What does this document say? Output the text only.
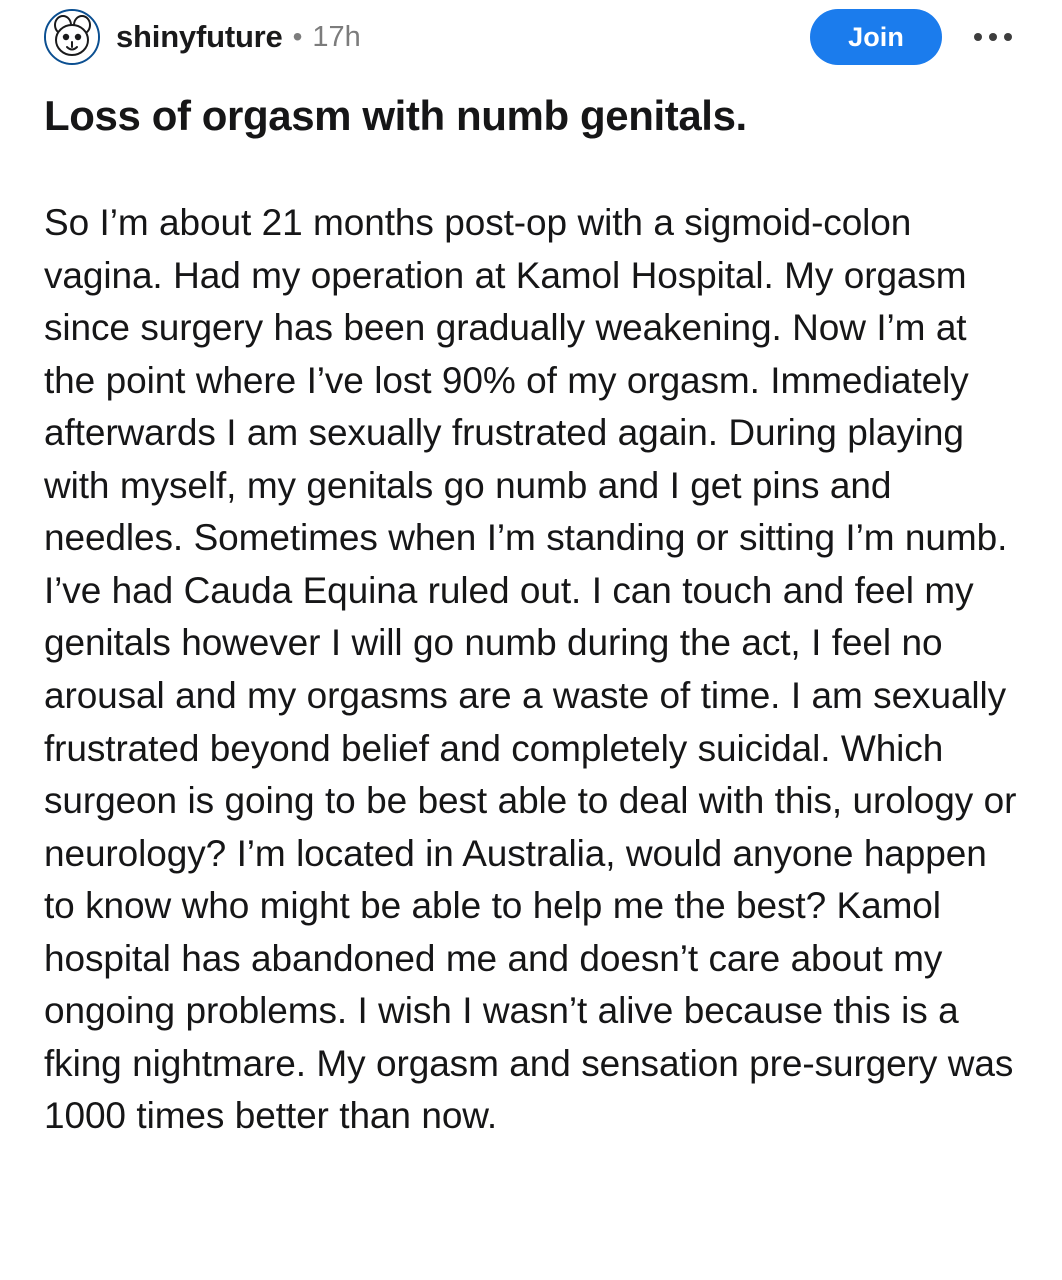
shinyfuture • 17h	Join
Loss of orgasm with numb genitals.
So I’m about 21 months post-op with a sigmoid-colon vagina. Had my operation at Kamol Hospital. My orgasm since surgery has been gradually weakening. Now I’m at the point where I’ve lost 90% of my orgasm. Immediately afterwards I am sexually frustrated again. During playing with myself, my genitals go numb and I get pins and needles. Sometimes when I’m standing or sitting I’m numb. I’ve had Cauda Equina ruled out. I can touch and feel my genitals however I will go numb during the act, I feel no arousal and my orgasms are a waste of time. I am sexually frustrated beyond belief and completely suicidal. Which surgeon is going to be best able to deal with this, urology or neurology? I’m located in Australia, would anyone happen to know who might be able to help me the best? Kamol hospital has abandoned me and doesn’t care about my ongoing problems. I wish I wasn’t alive because this is a fking nightmare. My orgasm and sensation pre-surgery was 1000 times better than now.
